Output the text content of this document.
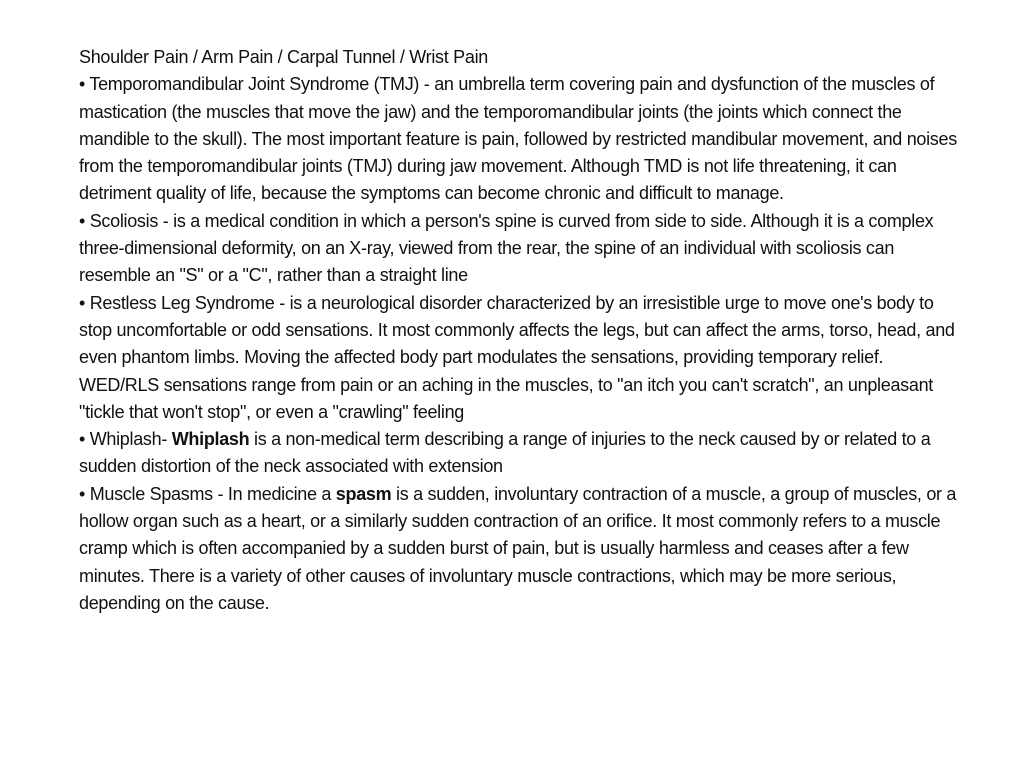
Shoulder Pain / Arm Pain / Carpal Tunnel / Wrist Pain

• Temporomandibular Joint Syndrome (TMJ) - an umbrella term covering pain and dysfunction of the muscles of mastication (the muscles that move the jaw) and the temporomandibular joints (the joints which connect the mandible to the skull). The most important feature is pain, followed by restricted mandibular movement, and noises from the temporomandibular joints (TMJ) during jaw movement. Although TMD is not life threatening, it can detriment quality of life, because the symptoms can become chronic and difficult to manage.

• Scoliosis - is a medical condition in which a person's spine is curved from side to side. Although it is a complex three-dimensional deformity, on an X-ray, viewed from the rear, the spine of an individual with scoliosis can resemble an "S" or a "C", rather than a straight line

• Restless Leg Syndrome - is a neurological disorder characterized by an irresistible urge to move one's body to stop uncomfortable or odd sensations. It most commonly affects the legs, but can affect the arms, torso, head, and even phantom limbs. Moving the affected body part modulates the sensations, providing temporary relief.

WED/RLS sensations range from pain or an aching in the muscles, to "an itch you can't scratch", an unpleasant "tickle that won't stop", or even a "crawling" feeling

• Whiplash- Whiplash is a non-medical term describing a range of injuries to the neck caused by or related to a sudden distortion of the neck associated with extension

• Muscle Spasms - In medicine a spasm is a sudden, involuntary contraction of a muscle, a group of muscles, or a hollow organ such as a heart, or a similarly sudden contraction of an orifice. It most commonly refers to a muscle cramp which is often accompanied by a sudden burst of pain, but is usually harmless and ceases after a few minutes. There is a variety of other causes of involuntary muscle contractions, which may be more serious, depending on the cause.
